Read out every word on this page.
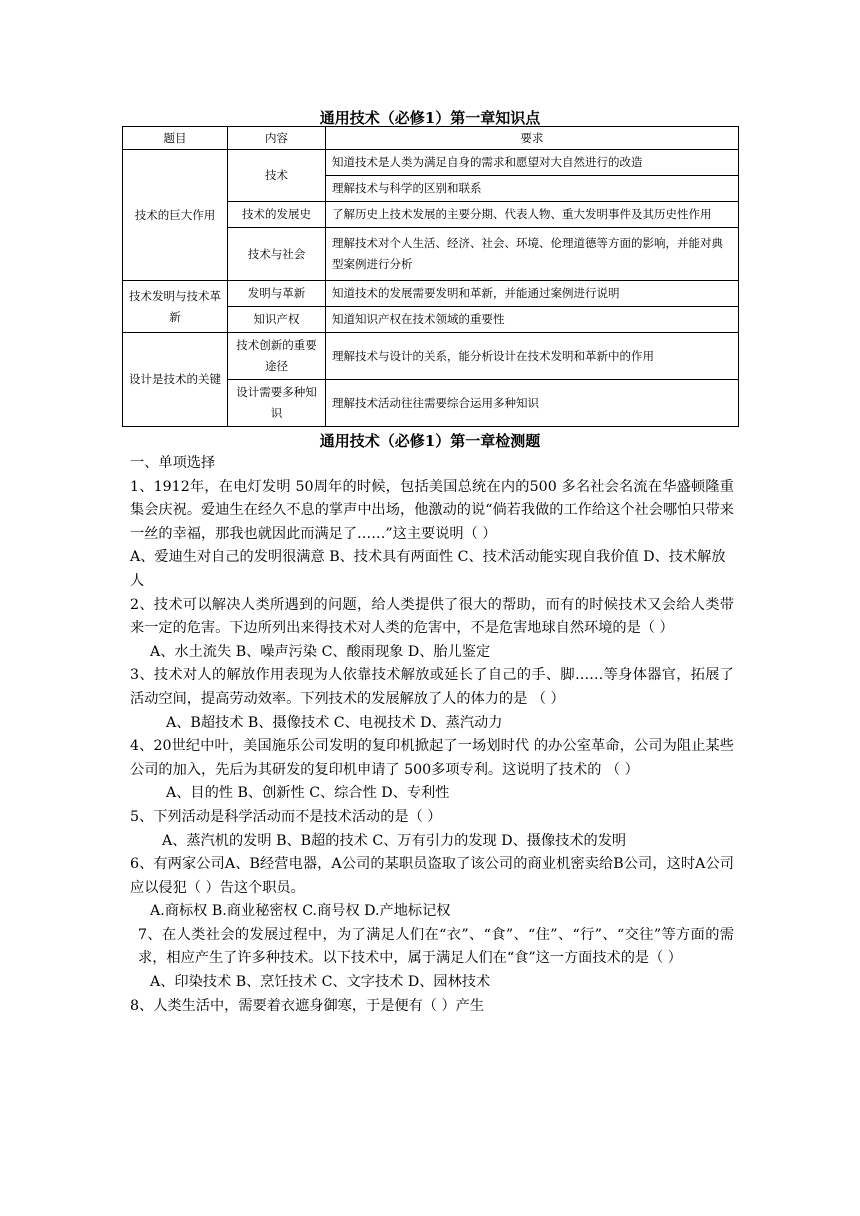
通用技术（必修1）第一章知识点
题目	内容	要求
技术的巨大作用	技术	知道技术是人类为满足自身的需求和愿望对大自然进行的改造
		理解技术与科学的区别和联系
	技术的发展史	了解历史上技术发展的主要分期、代表人物、重大发明事件及其历史性作用
	技术与社会	理解技术对个人生活、经济、社会、环境、伦理道德等方面的影响，并能对典型案例进行分析
技术发明与技术革新	发明与革新	知道技术的发展需要发明和革新，并能通过案例进行说明
	知识产权	知道知识产权在技术领域的重要性
设计是技术的关键	技术创新的重要途径	理解技术与设计的关系，能分析设计在技术发明和革新中的作用
	设计需要多种知识	理解技术活动往往需要综合运用多种知识
通用技术（必修1）第一章检测题

一、单项选择

1、1912年，在电灯发明 50周年的时候，包括美国总统在内的500 多名社会名流在华盛顿隆重集会庆祝。爱迪生在经久不息的掌声中出场，他激动的说“倘若我做的工作给这个社会哪怕只带来一丝的幸福，那我也就因此而满足了……”这主要说明（ ）

A、爱迪生对自己的发明很满意 B、技术具有两面性 C、技术活动能实现自我价值 D、技术解放人

2、技术可以解决人类所遇到的问题，给人类提供了很大的帮助，而有的时候技术又会给人类带来一定的危害。下边所列出来得技术对人类的危害中，不是危害地球自然环境的是（ ）

A、水土流失 B、噪声污染 C、酸雨现象 D、胎儿鉴定

3、技术对人的解放作用表现为人依靠技术解放或延长了自己的手、脚……等身体器官，拓展了活动空间，提高劳动效率。下列技术的发展解放了人的体力的是 （ ）

A、B超技术 B、摄像技术 C、电视技术 D、蒸汽动力

4、20世纪中叶，美国施乐公司发明的复印机掀起了一场划时代 的办公室革命，公司为阻止某些公司的加入，先后为其研发的复印机申请了 500多项专利。这说明了技术的 （ ）

A、目的性 B、创新性 C、综合性 D、专利性

5、下列活动是科学活动而不是技术活动的是（ ）

A、蒸汽机的发明 B、B超的技术 C、万有引力的发现 D、摄像技术的发明

6、有两家公司A、B经营电器，A公司的某职员盗取了该公司的商业机密卖给B公司，这时A公司应以侵犯（ ）告这个职员。

A.商标权 B.商业秘密权 C.商号权 D.产地标记权

7、在人类社会的发展过程中，为了满足人们在“衣”、“食”、“住”、“行”、“交往”等方面的需求，相应产生了许多种技术。以下技术中，属于满足人们在“食”这一方面技术的是（ ）

A、印染技术 B、烹饪技术 C、文字技术 D、园林技术

8、人类生活中，需要着衣遮身御寒，于是便有（ ）产生
